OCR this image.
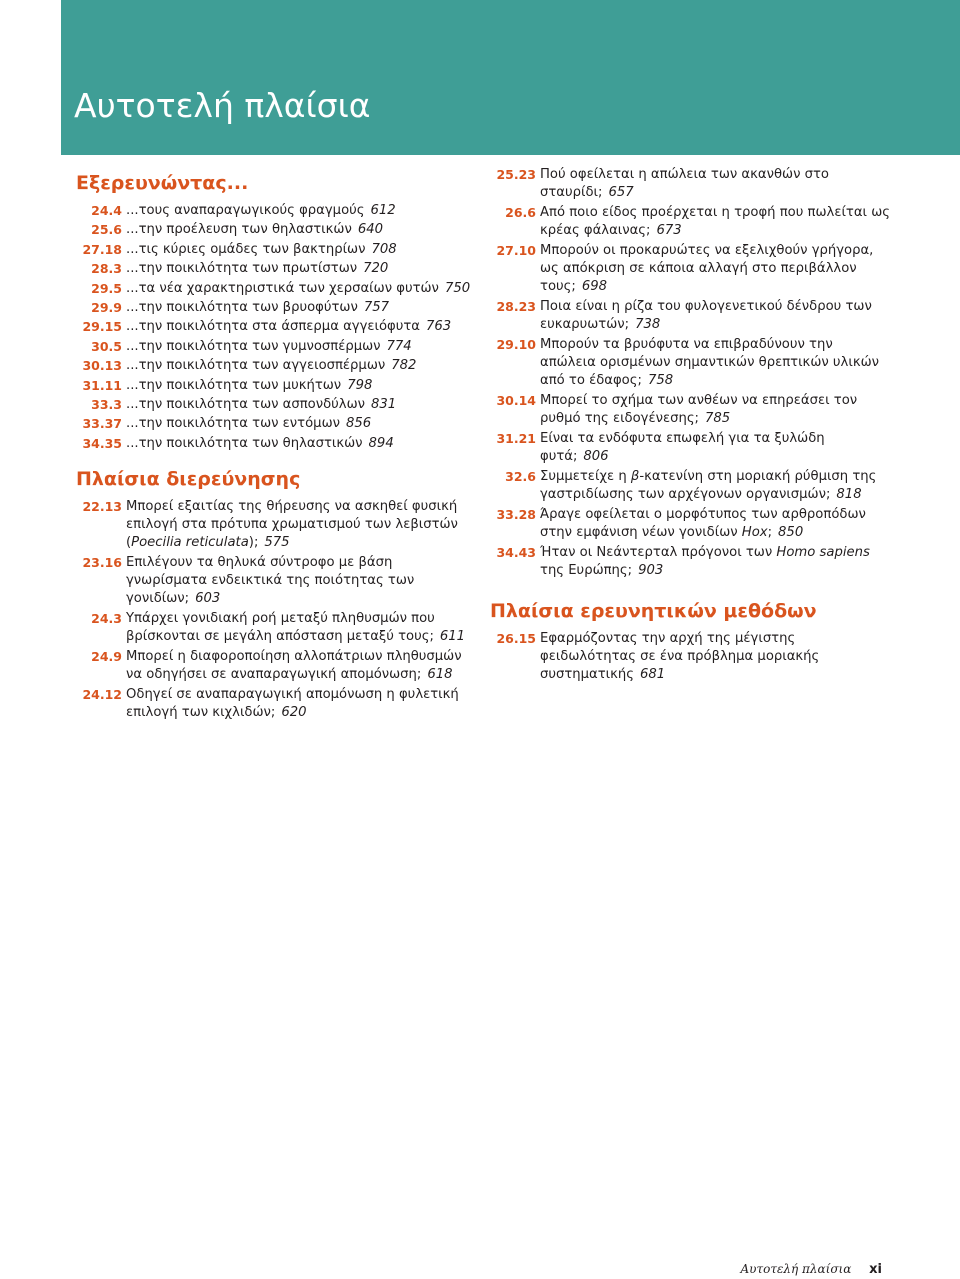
Αυτοτελή πλαίσια
Εξερευνώντας...
24.4 ...τους αναπαραγωγικούς φραγμούς 612
25.6 ...την προέλευση των θηλαστικών 640
27.18 ...τις κύριες ομάδες των βακτηρίων 708
28.3 ...την ποικιλότητα των πρωτίστων 720
29.5 ...τα νέα χαρακτηριστικά των χερσαίων φυτών 750
29.9 ...την ποικιλότητα των βρυοφύτων 757
29.15 ...την ποικιλότητα στα άσπερμα αγγειόφυτα 763
30.5 ...την ποικιλότητα των γυμνοσπέρμων 774
30.13 ...την ποικιλότητα των αγγειοσπέρμων 782
31.11 ...την ποικιλότητα των μυκήτων 798
33.3 ...την ποικιλότητα των ασπονδύλων 831
33.37 ...την ποικιλότητα των εντόμων 856
34.35 ...την ποικιλότητα των θηλαστικών 894
Πλαίσια διερεύνησης
22.13 Μπορεί εξαιτίας της θήρευσης να ασκηθεί φυσική επιλογή στα πρότυπα χρωματισμού των λεβιστών (Poecilia reticulata); 575
23.16 Επιλέγουν τα θηλυκά σύντροφο με βάση γνωρίσματα ενδεικτικά της ποιότητας των γονιδίων; 603
24.3 Υπάρχει γονιδιακή ροή μεταξύ πληθυσμών που βρίσκονται σε μεγάλη απόσταση μεταξύ τους; 611
24.9 Μπορεί η διαφοροποίηση αλλοπάτριων πληθυσμών να οδηγήσει σε αναπαραγωγική απομόνωση; 618
24.12 Οδηγεί σε αναπαραγωγική απομόνωση η φυλετική επιλογή των κιχλιδών; 620
25.23 Πού οφείλεται η απώλεια των ακανθών στο σταυρίδι; 657
26.6 Από ποιο είδος προέρχεται η τροφή που πωλείται ως κρέας φάλαινας; 673
27.10 Μπορούν οι προκαρυώτες να εξελιχθούν γρήγορα, ως απόκριση σε κάποια αλλαγή στο περιβάλλον τους; 698
28.23 Ποια είναι η ρίζα του φυλογενετικού δένδρου των ευκαρυωτών; 738
29.10 Μπορούν τα βρυόφυτα να επιβραδύνουν την απώλεια ορισμένων σημαντικών θρεπτικών υλικών από το έδαφος; 758
30.14 Μπορεί το σχήμα των ανθέων να επηρεάσει τον ρυθμό της ειδογένεσης; 785
31.21 Είναι τα ενδόφυτα επωφελή για τα ξυλώδη φυτά; 806
32.6 Συμμετείχε η β-κατενίνη στη μοριακή ρύθμιση της γαστριδίωσης των αρχέγονων οργανισμών; 818
33.28 Άραγε οφείλεται ο μορφότυπος των αρθροπόδων στην εμφάνιση νέων γονιδίων Hox; 850
34.43 Ήταν οι Νεάντερταλ πρόγονοι των Homo sapiens της Ευρώπης; 903
Πλαίσια ερευνητικών μεθόδων
26.15 Εφαρμόζοντας την αρχή της μέγιστης φειδωλότητας σε ένα πρόβλημα μοριακής συστηματικής 681
Αυτοτελή πλαίσια xi
